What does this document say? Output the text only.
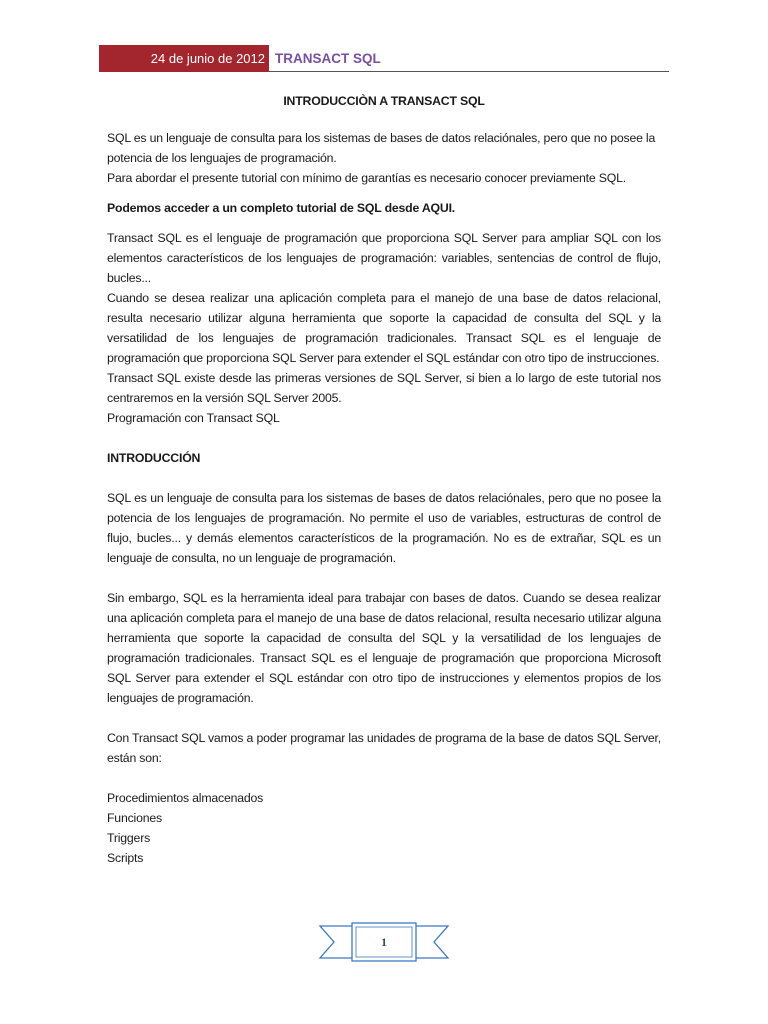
24 de junio de 2012 TRANSACT SQL

INTRODUCCIÒN A TRANSACT SQL

SQL es un lenguaje de consulta para los sistemas de bases de datos relaciónales, pero que no posee la potencia de los lenguajes de programación.

Para abordar el presente tutorial con mínimo de garantías es necesario conocer previamente SQL.

Podemos acceder a un completo tutorial de SQL desde AQUI.

Transact SQL es el lenguaje de programación que proporciona SQL Server para ampliar SQL con los elementos característicos de los lenguajes de programación: variables, sentencias de control de flujo, bucles...

Cuando se desea realizar una aplicación completa para el manejo de una base de datos relacional, resulta necesario utilizar alguna herramienta que soporte la capacidad de consulta del SQL y la versatilidad de los lenguajes de programación tradicionales. Transact SQL es el lenguaje de programación que proporciona SQL Server para extender el SQL estándar con otro tipo de instrucciones.

Transact SQL existe desde las primeras versiones de SQL Server, si bien a lo largo de este tutorial nos centraremos en la versión SQL Server 2005.

Programación con Transact SQL

INTRODUCCIÓN

SQL es un lenguaje de consulta para los sistemas de bases de datos relaciónales, pero que no posee la potencia de los lenguajes de programación. No permite el uso de variables, estructuras de control de flujo, bucles... y demás elementos característicos de la programación. No es de extrañar, SQL es un lenguaje de consulta, no un lenguaje de programación.

Sin embargo, SQL es la herramienta ideal para trabajar con bases de datos. Cuando se desea realizar una aplicación completa para el manejo de una base de datos relacional, resulta necesario utilizar alguna herramienta que soporte la capacidad de consulta del SQL y la versatilidad de los lenguajes de programación tradicionales. Transact SQL es el lenguaje de programación que proporciona Microsoft SQL Server para extender el SQL estándar con otro tipo de instrucciones y elementos propios de los lenguajes de programación.

Con Transact SQL vamos a poder programar las unidades de programa de la base de datos SQL Server, están son:

Procedimientos almacenados

Funciones

Triggers

Scripts

1
